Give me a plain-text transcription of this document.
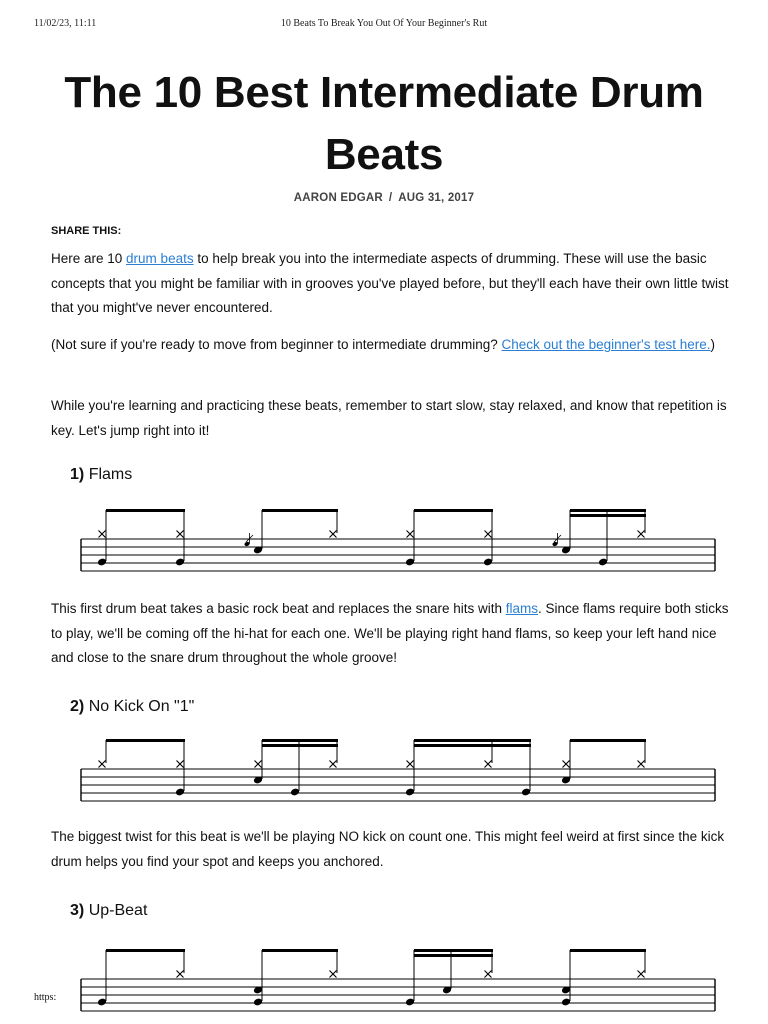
11/02/23, 11:11	10 Beats To Break You Out Of Your Beginner's Rut
The 10 Best Intermediate Drum Beats
AARON EDGAR / AUG 31, 2017
SHARE THIS:

Here are 10 drum beats to help break you into the intermediate aspects of drumming. These will use the basic concepts that you might be familiar with in grooves you've played before, but they'll each have their own little twist that you might've never encountered.

(Not sure if you're ready to move from beginner to intermediate drumming? Check out the beginner's test here.)

While you're learning and practicing these beats, remember to start slow, stay relaxed, and know that repetition is key. Let's jump right into it!

1) Flams

This first drum beat takes a basic rock beat and replaces the snare hits with flams. Since flams require both sticks to play, we'll be coming off the hi-hat for each one. We'll be playing right hand flams, so keep your left hand nice and close to the snare drum throughout the whole groove!

2) No Kick On "1"

The biggest twist for this beat is we'll be playing NO kick on count one. This might feel weird at first since the kick drum helps you find your spot and keeps you anchored.

3) Up-Beat
https:
